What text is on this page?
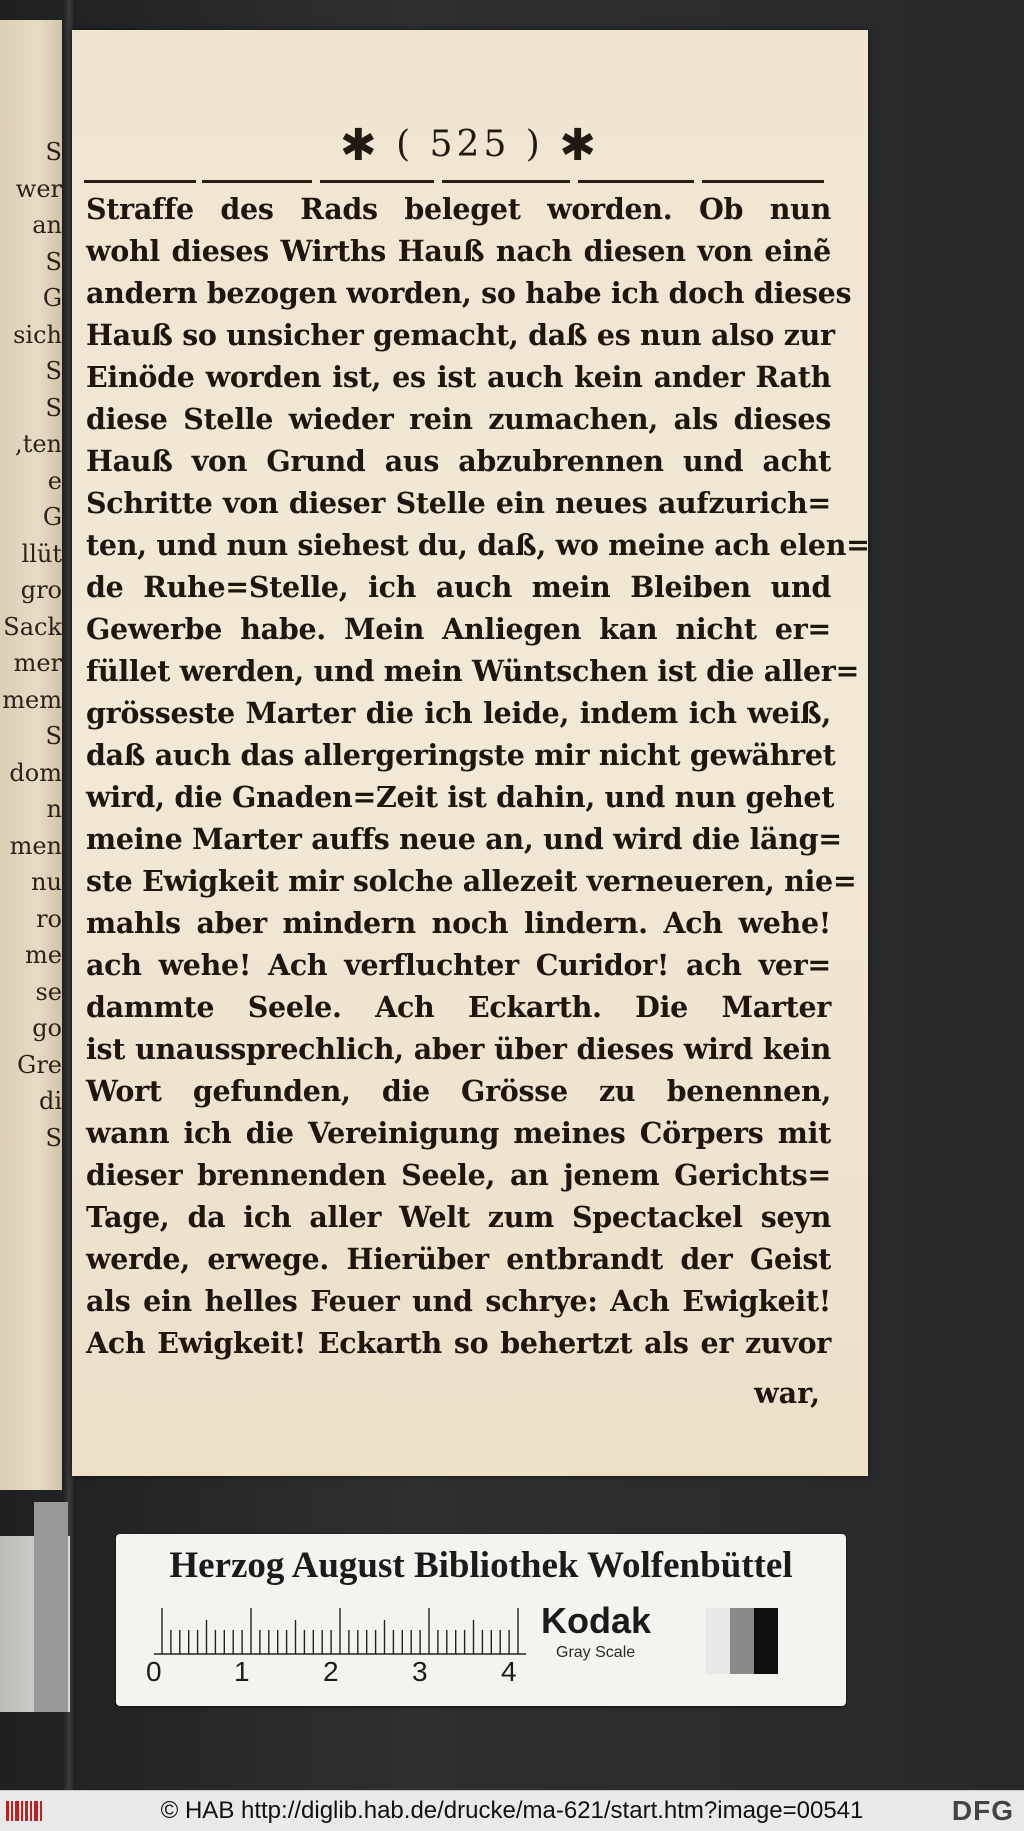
S
wer
an
S
G
sich
S
S
ten,
e
G
llüt
gro
Sack
mer
mem
S
dom
n
men
nu
ro
me
se
go
Gre
di
S
✱ ( 525 ) ✱
Straffe des Rads beleget worden. Ob nun
wohl dieses Wirths Hauß nach diesen von einẽ
andern bezogen worden, so habe ich doch dieses
Hauß so unsicher gemacht, daß es nun also zur
Einöde worden ist, es ist auch kein ander Rath
diese Stelle wieder rein zumachen, als dieses
Hauß von Grund aus abzubrennen und acht
Schritte von dieser Stelle ein neues aufzurich=
ten, und nun siehest du, daß, wo meine ach elen=
de Ruhe=Stelle, ich auch mein Bleiben und
Gewerbe habe. Mein Anliegen kan nicht er=
füllet werden, und mein Wüntschen ist die aller=
grösseste Marter die ich leide, indem ich weiß,
daß auch das allergeringste mir nicht gewähret
wird, die Gnaden=Zeit ist dahin, und nun gehet
meine Marter auffs neue an, und wird die läng=
ste Ewigkeit mir solche allezeit verneueren, nie=
mahls aber mindern noch lindern. Ach wehe!
ach wehe! Ach verfluchter Curidor! ach ver=
dammte Seele. Ach Eckarth. Die Marter
ist unaussprechlich, aber über dieses wird kein
Wort gefunden, die Grösse zu benennen,
wann ich die Vereinigung meines Cörpers mit
dieser brennenden Seele, an jenem Gerichts=
Tage, da ich aller Welt zum Spectackel seyn
werde, erwege. Hierüber entbrandt der Geist
als ein helles Feuer und schrye: Ach Ewigkeit!
Ach Ewigkeit! Eckarth so behertzt als er zuvor
war,
Herzog August Bibliothek Wolfenbüttel
0	1	2	3	4
Kodak
Gray Scale
© HAB http://diglib.hab.de/drucke/ma-621/start.htm?image=00541	DFG
